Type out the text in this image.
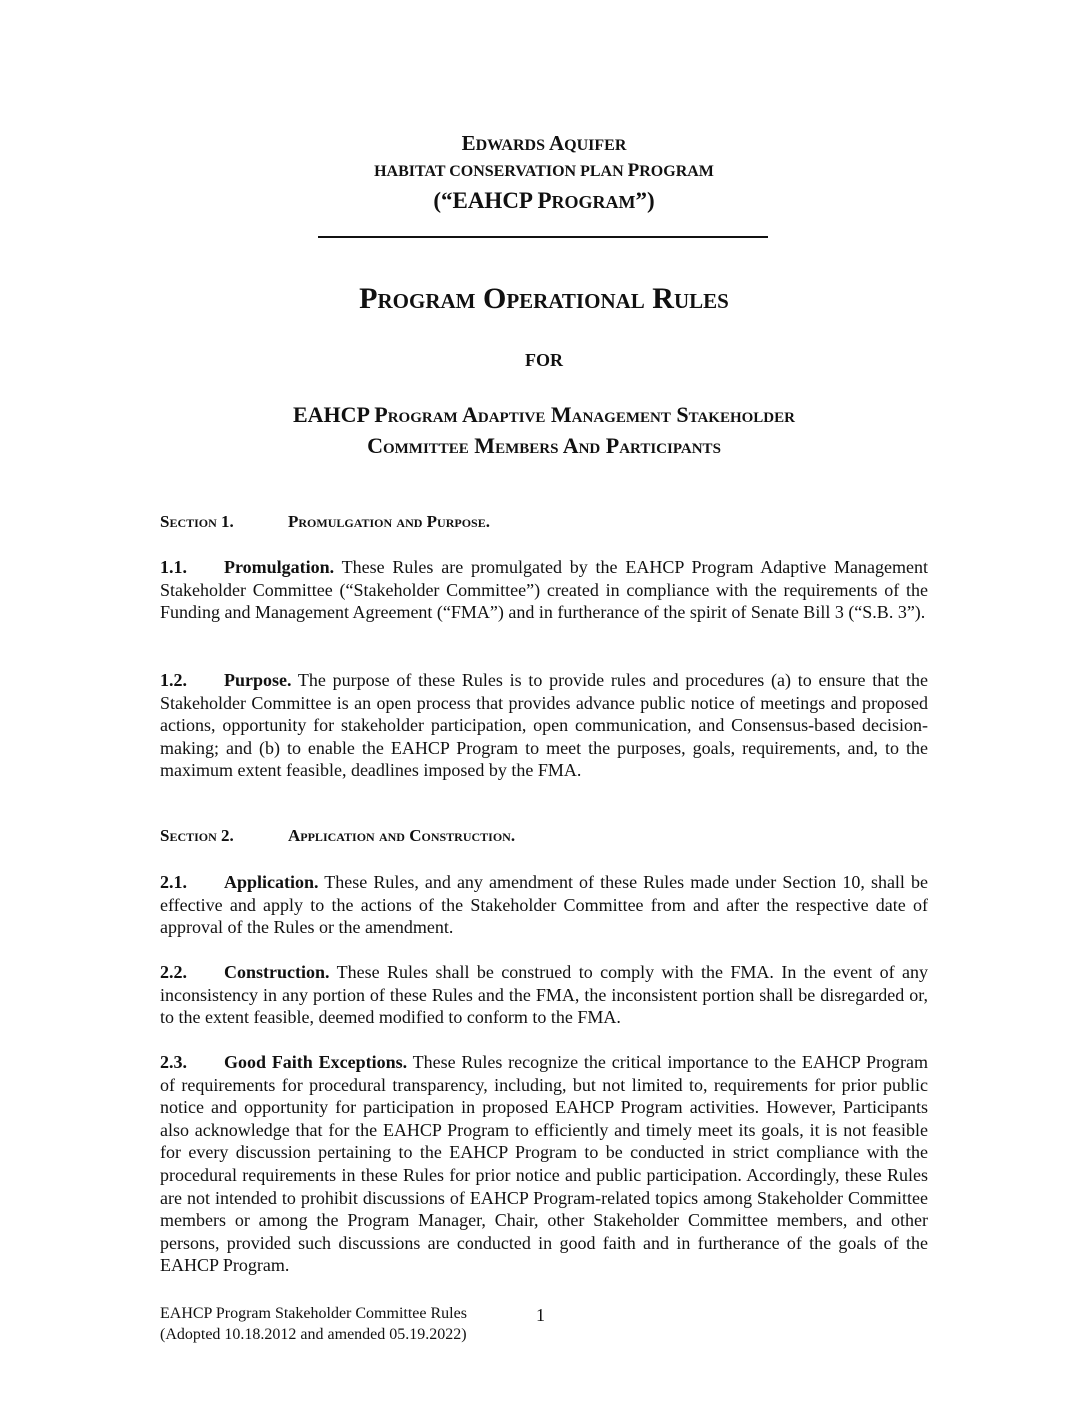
EDWARDS AQUIFER
HABITAT CONSERVATION PLAN PROGRAM
(“EAHCP PROGRAM”)
Program Operational Rules
FOR
EAHCP Program Adaptive Management Stakeholder
Committee Members And Participants
Section 1.	Promulgation and Purpose.
1.1. Promulgation. These Rules are promulgated by the EAHCP Program Adaptive Management Stakeholder Committee (“Stakeholder Committee”) created in compliance with the requirements of the Funding and Management Agreement (“FMA”) and in furtherance of the spirit of Senate Bill 3 (“S.B. 3”).
1.2. Purpose. The purpose of these Rules is to provide rules and procedures (a) to ensure that the Stakeholder Committee is an open process that provides advance public notice of meetings and proposed actions, opportunity for stakeholder participation, open communication, and Consensus-based decision-making; and (b) to enable the EAHCP Program to meet the purposes, goals, requirements, and, to the maximum extent feasible, deadlines imposed by the FMA.
Section 2.	Application and Construction.
2.1. Application. These Rules, and any amendment of these Rules made under Section 10, shall be effective and apply to the actions of the Stakeholder Committee from and after the respective date of approval of the Rules or the amendment.
2.2. Construction. These Rules shall be construed to comply with the FMA. In the event of any inconsistency in any portion of these Rules and the FMA, the inconsistent portion shall be disregarded or, to the extent feasible, deemed modified to conform to the FMA.
2.3. Good Faith Exceptions. These Rules recognize the critical importance to the EAHCP Program of requirements for procedural transparency, including, but not limited to, requirements for prior public notice and opportunity for participation in proposed EAHCP Program activities. However, Participants also acknowledge that for the EAHCP Program to efficiently and timely meet its goals, it is not feasible for every discussion pertaining to the EAHCP Program to be conducted in strict compliance with the procedural requirements in these Rules for prior notice and public participation. Accordingly, these Rules are not intended to prohibit discussions of EAHCP Program-related topics among Stakeholder Committee members or among the Program Manager, Chair, other Stakeholder Committee members, and other persons, provided such discussions are conducted in good faith and in furtherance of the goals of the EAHCP Program.
EAHCP Program Stakeholder Committee Rules
(Adopted 10.18.2012 and amended 05.19.2022)
1
